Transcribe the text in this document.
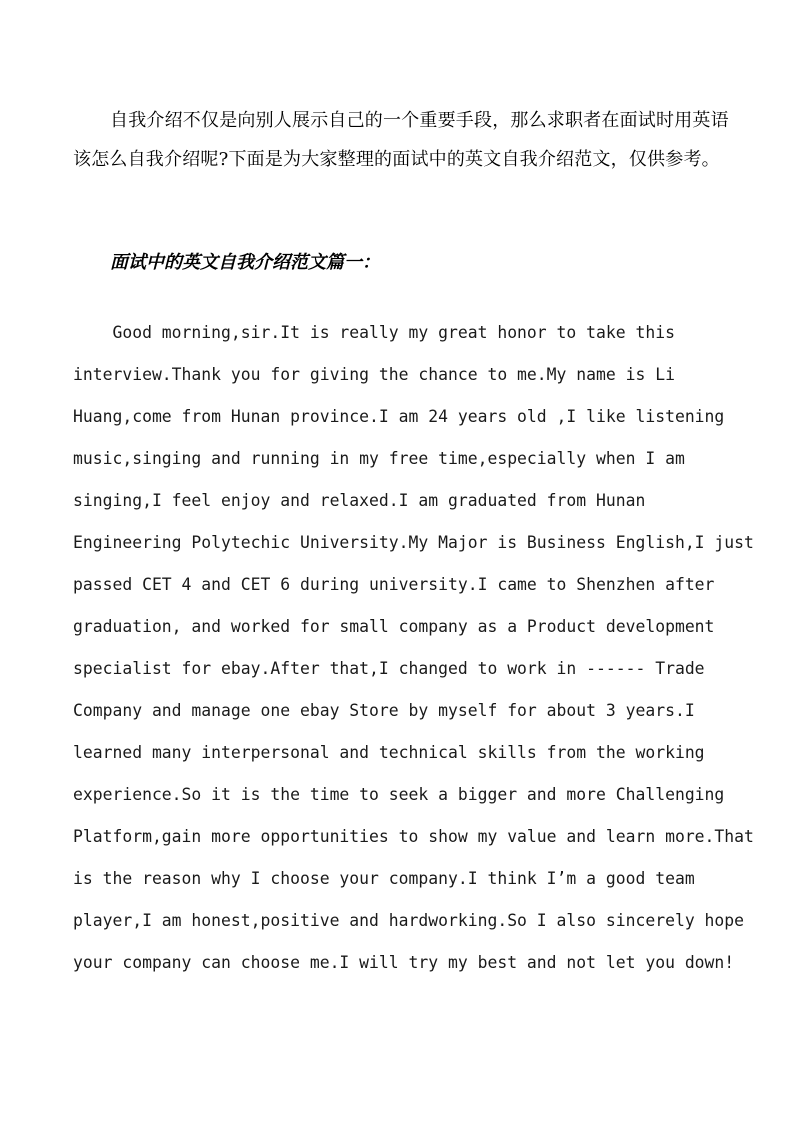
自我介绍不仅是向别人展示自己的一个重要手段，那么求职者在面试时用英语该怎么自我介绍呢?下面是为大家整理的面试中的英文自我介绍范文，仅供参考。

面试中的英文自我介绍范文篇一：

Good morning,sir.It is really my great honor to take this
interview.Thank you for giving the chance to me.My name is Li
Huang,come from Hunan province.I am 24 years old ,I like listening
music,singing and running in my free time,especially when I am
singing,I feel enjoy and relaxed.I am graduated from Hunan
Engineering Polytechic University.My Major is Business English,I just
passed CET 4 and CET 6 during university.I came to Shenzhen after
graduation, and worked for small company as a Product development
specialist for ebay.After that,I changed to work in ------ Trade
Company and manage one ebay Store by myself for about 3 years.I
learned many interpersonal and technical skills from the working
experience.So it is the time to seek a bigger and more Challenging
Platform,gain more opportunities to show my value and learn more.That
is the reason why I choose your company.I think I’m a good team
player,I am honest,positive and hardworking.So I also sincerely hope
your company can choose me.I will try my best and not let you down!
